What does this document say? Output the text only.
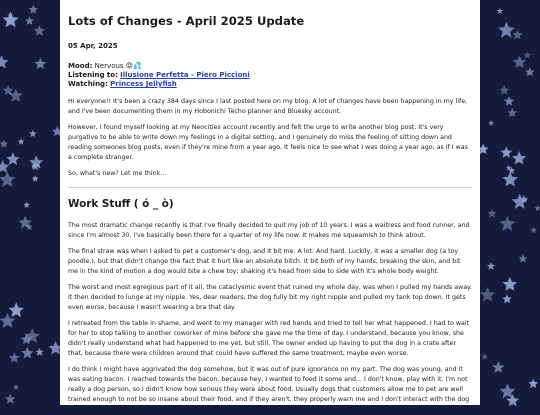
Lots of Changes - April 2025 Update
05 Apr, 2025
Mood: Nervous 😟💦
Listening to: Illusione Perfetta - Piero Piccioni
Watching: Princess Jellyfish

Hi everyone!! It's been a crazy 384 days since I last posted here on my blog. A lot of changes have been happening in my life, and I've been documenting them in my Hobonichi Techo planner and Bluesky account.

However, I found myself looking at my Neocities account recently and felt the urge to write another blog post. It's very purgative to be able to write down my feelings in a digital setting, and I genuinely do miss the feeling of sitting down and reading someones blog posts, even if they're mine from a year ago. It feels nice to see what I was doing a year ago, as if I was a complete stranger.

So, what's new? Let me think...

Work Stuff ( ó _ ò)

The most dramatic change recently is that I've finally decided to quit my job of 10 years. I was a waitress and food runner, and since I'm almost 30, I've basically been there for a quarter of my life now. It makes me squeamish to think about.

The final straw was when I asked to pet a customer's dog, and it bit me. A lot. And hard. Luckily, it was a smaller dog (a toy poodle.), but that didn't change the fact that it hurt like an absolute bitch. It bit both of my hands, breaking the skin, and bit me in the kind of motion a dog would bite a chew toy; shaking it's head from side to side with it's whole body weight.

The worst and most egregious part of it all, the cataclysmic event that ruined my whole day, was when I pulled my hands away. It then decided to lunge at my nipple. Yes, dear readers, the dog fully bit my right nipple and pulled my tank top down. It gets even worse, because I wasn't wearing a bra that day.

I retreated from the table in shame, and went to my manager with red hands and tried to tell her what happened. I had to wait for her to stop talking to another coworker of mine before she gave me the time of day. I understand, because you know, she didn't really understand what had happened to me yet, but still. The owner ended up having to put the dog in a crate after that, because there were children around that could have suffered the same treatment, maybe even worse.

I do think I might have aggrivated the dog somehow, but it was out of pure ignorance on my part. The dog was young, and it was eating bacon. I reached towards the bacon, because hey, I wanted to feed it some and... I don't know, play with it. I'm not really a dog person, so I didn't know how serious they were about food. Usually dogs that customers allow me to pet are well trained enough to not be so insane about their food, and if they aren't, they properly warn me and I don't interact with the dog at all. Apparently, it was
